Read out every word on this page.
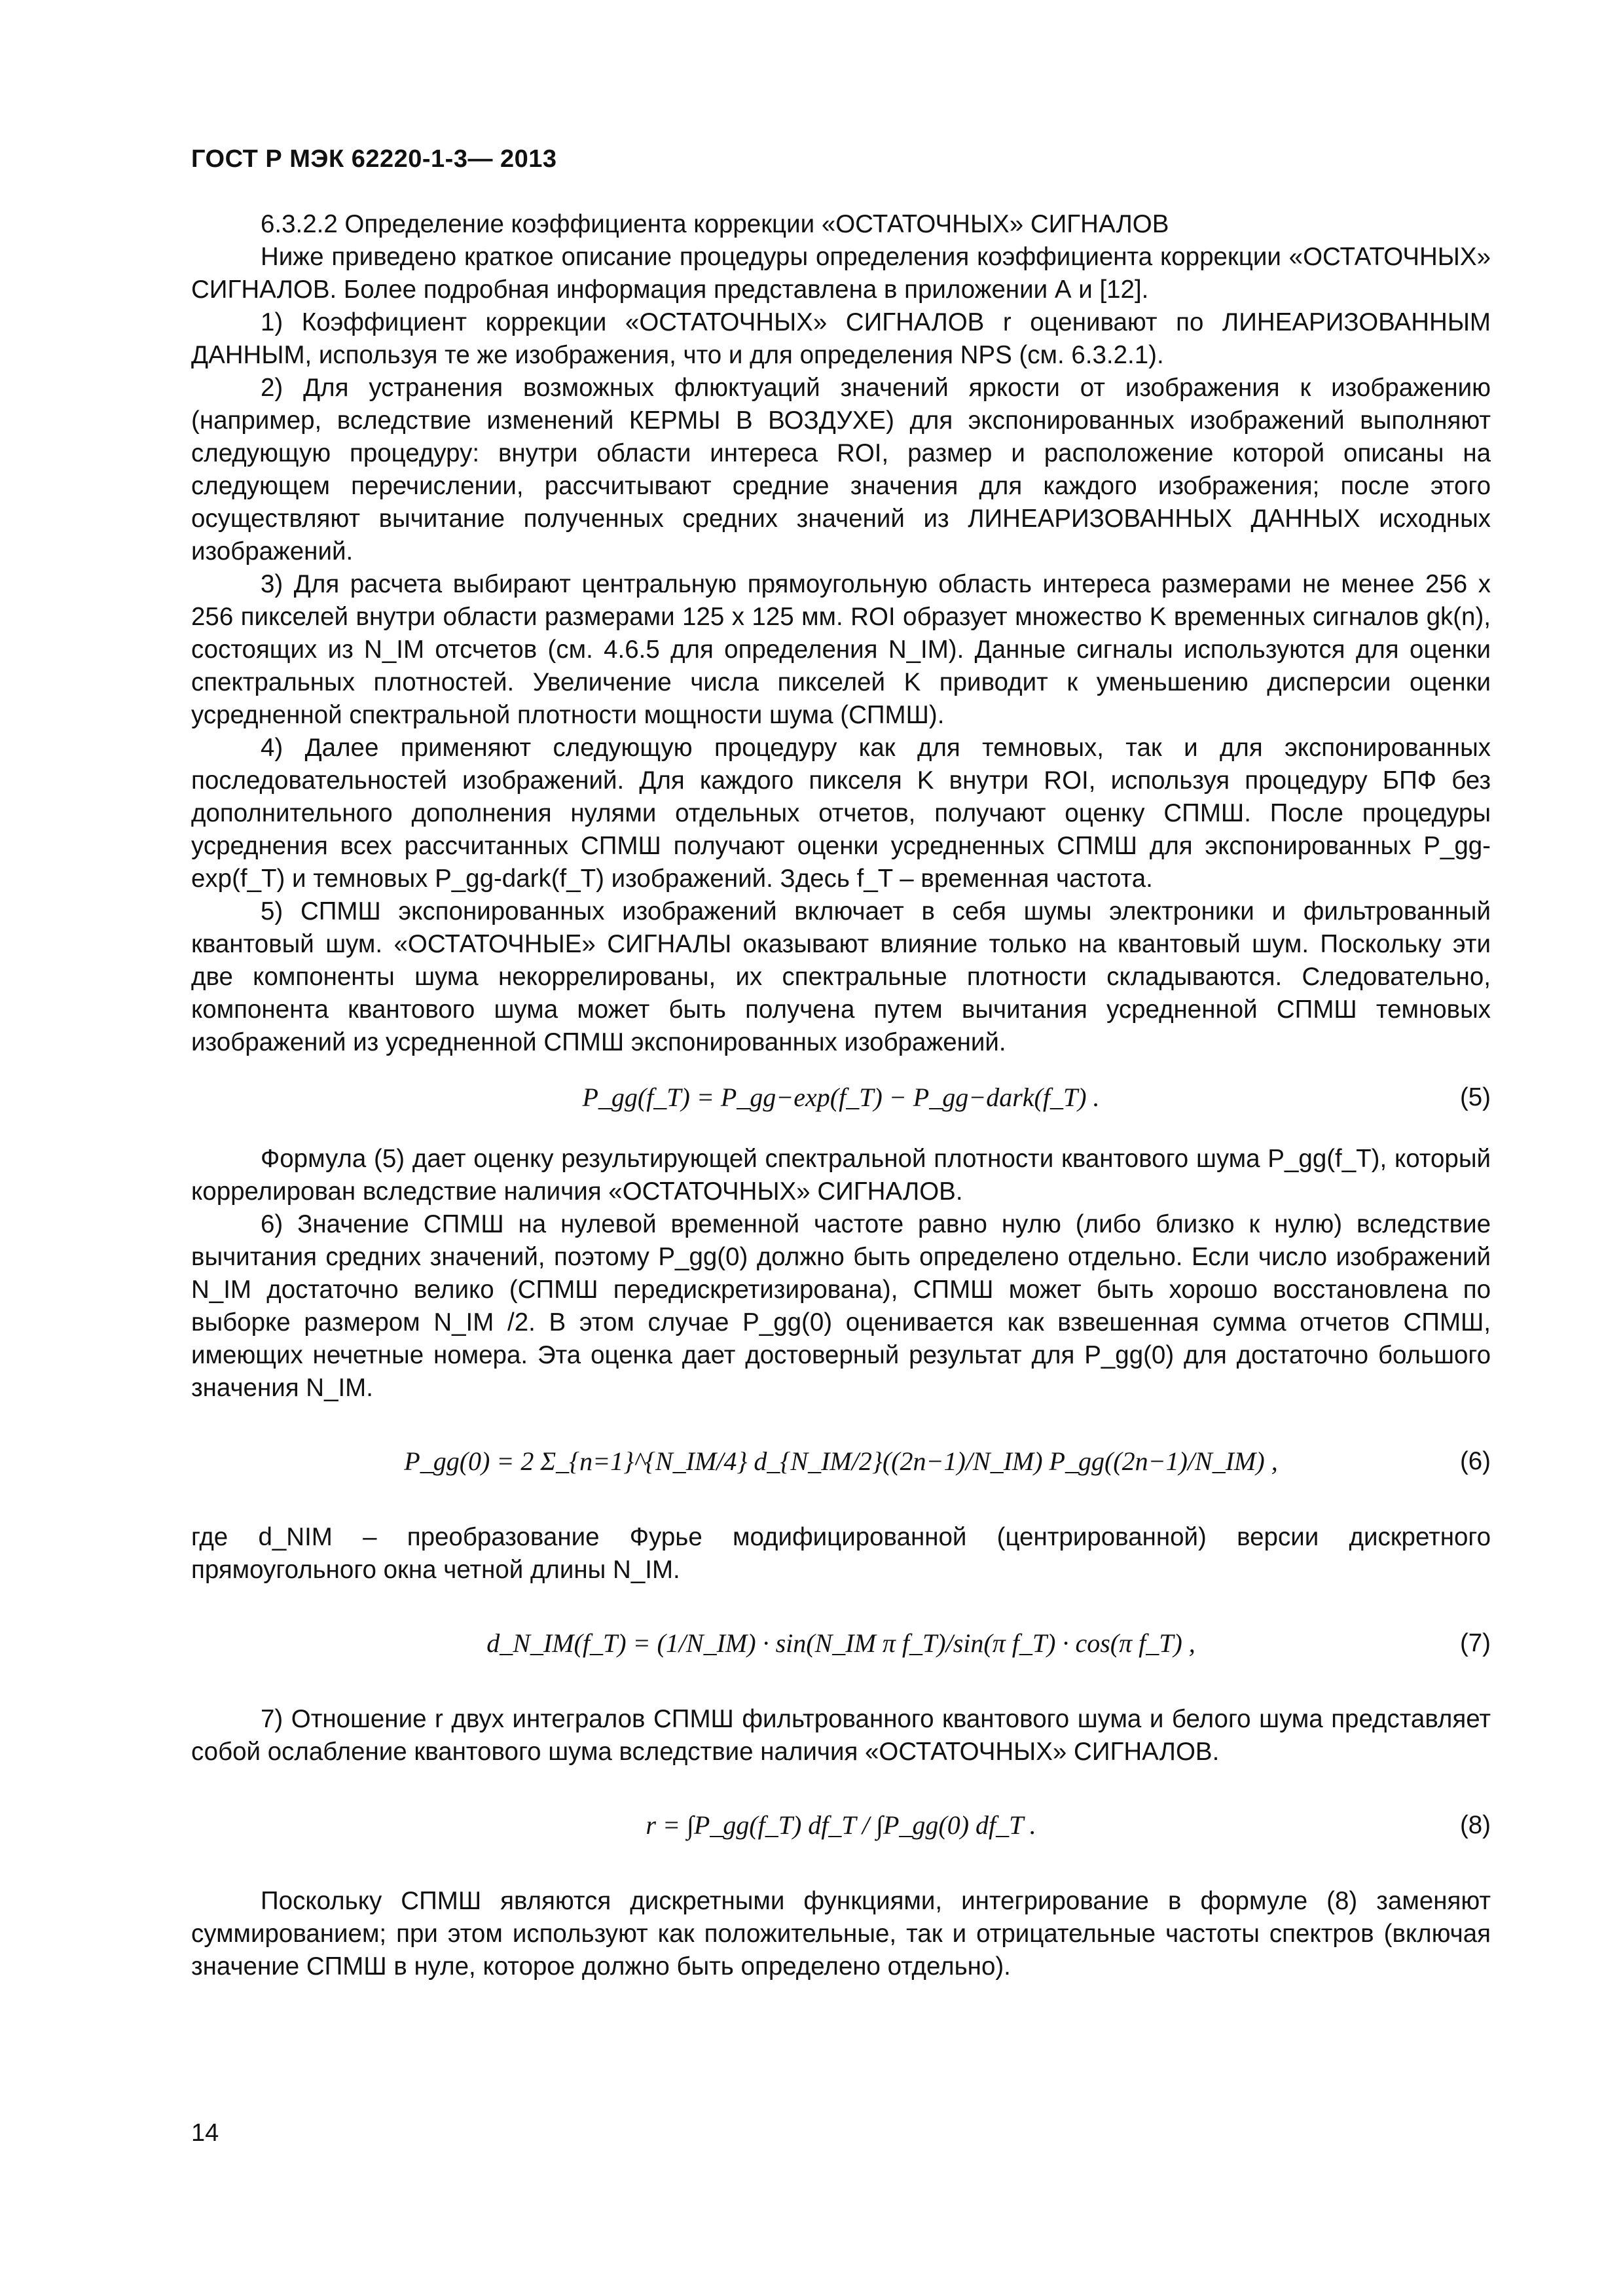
ГОСТ Р МЭК 62220-1-3— 2013

6.3.2.2 Определение коэффициента коррекции «ОСТАТОЧНЫХ» СИГНАЛОВ

Ниже приведено краткое описание процедуры определения коэффициента коррекции «ОСТАТОЧНЫХ» СИГНАЛОВ. Более подробная информация представлена в приложении А и [12].

1) Коэффициент коррекции «ОСТАТОЧНЫХ» СИГНАЛОВ r оценивают по ЛИНЕАРИЗОВАННЫМ ДАННЫМ, используя те же изображения, что и для определения NPS (см. 6.3.2.1).

2) Для устранения возможных флюктуаций значений яркости от изображения к изображению (например, вследствие изменений КЕРМЫ В ВОЗДУХЕ) для экспонированных изображений выполняют следующую процедуру: внутри области интереса ROI, размер и расположение которой описаны на следующем перечислении, рассчитывают средние значения для каждого изображения; после этого осуществляют вычитание полученных средних значений из ЛИНЕАРИЗОВАННЫХ ДАННЫХ исходных изображений.

3) Для расчета выбирают центральную прямоугольную область интереса размерами не менее 256 х 256 пикселей внутри области размерами 125 х 125 мм. ROI образует множество K временных сигналов gk(n), состоящих из N_IM отсчетов (см. 4.6.5 для определения N_IM). Данные сигналы используются для оценки спектральных плотностей. Увеличение числа пикселей K приводит к уменьшению дисперсии оценки усредненной спектральной плотности мощности шума (СПМШ).

4) Далее применяют следующую процедуру как для темновых, так и для экспонированных последовательностей изображений. Для каждого пикселя K внутри ROI, используя процедуру БПФ без дополнительного дополнения нулями отдельных отчетов, получают оценку СПМШ. После процедуры усреднения всех рассчитанных СПМШ получают оценки усредненных СПМШ для экспонированных P_gg-exp(f_T) и темновых P_gg-dark(f_T) изображений. Здесь f_T – временная частота.

5) СПМШ экспонированных изображений включает в себя шумы электроники и фильтрованный квантовый шум. «ОСТАТОЧНЫЕ» СИГНАЛЫ оказывают влияние только на квантовый шум. Поскольку эти две компоненты шума некоррелированы, их спектральные плотности складываются. Следовательно, компонента квантового шума может быть получена путем вычитания усредненной СПМШ темновых изображений из усредненной СПМШ экспонированных изображений.

P_gg(f_T) = P_gg−exp(f_T) − P_gg−dark(f_T) .	(5)

Формула (5) дает оценку результирующей спектральной плотности квантового шума P_gg(f_T), который коррелирован вследствие наличия «ОСТАТОЧНЫХ» СИГНАЛОВ.

6) Значение СПМШ на нулевой временной частоте равно нулю (либо близко к нулю) вследствие вычитания средних значений, поэтому P_gg(0) должно быть определено отдельно. Если число изображений N_IM достаточно велико (СПМШ передискретизирована), СПМШ может быть хорошо восстановлена по выборке размером N_IM /2. В этом случае P_gg(0) оценивается как взвешенная сумма отчетов СПМШ, имеющих нечетные номера. Эта оценка дает достоверный результат для P_gg(0) для достаточно большого значения N_IM.

P_gg(0) = 2 Σ_{n=1}^{N_IM/4} d_{N_IM/2}((2n−1)/N_IM) P_gg((2n−1)/N_IM) ,	(6)

где d_NIM – преобразование Фурье модифицированной (центрированной) версии дискретного прямоугольного окна четной длины N_IM.

d_N_IM(f_T) = (1/N_IM) · sin(N_IM π f_T)/sin(π f_T) · cos(π f_T) ,	(7)

7) Отношение r двух интегралов СПМШ фильтрованного квантового шума и белого шума представляет собой ослабление квантового шума вследствие наличия «ОСТАТОЧНЫХ» СИГНАЛОВ.

r = ∫P_gg(f_T) df_T / ∫P_gg(0) df_T .	(8)

Поскольку СПМШ являются дискретными функциями, интегрирование в формуле (8) заменяют суммированием; при этом используют как положительные, так и отрицательные частоты спектров (включая значение СПМШ в нуле, которое должно быть определено отдельно).

14
